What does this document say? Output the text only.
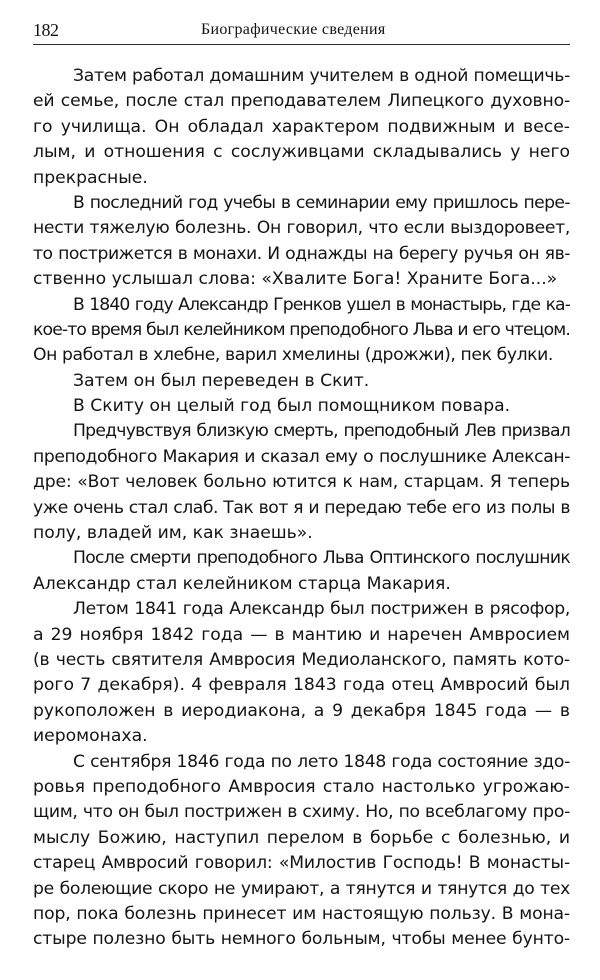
182	Биографические сведения
Затем работал домашним учителем в одной помещичь-
ей семье, после стал преподавателем Липецкого духовно-
го училища. Он обладал характером подвижным и весе-
лым, и отношения с сослуживцами складывались у него
прекрасные.
В последний год учебы в семинарии ему пришлось пере-
нести тяжелую болезнь. Он говорил, что если выздоровеет,
то пострижется в монахи. И однажды на берегу ручья он яв-
ственно услышал слова: «Хвалите Бога! Храните Бога...»
В 1840 году Александр Гренков ушел в монастырь, где ка-
кое-то время был келейником преподобного Льва и его чтецом.
Он работал в хлебне, варил хмелины (дрожжи), пек булки.
Затем он был переведен в Скит.
В Скиту он целый год был помощником повара.
Предчувствуя близкую смерть, преподобный Лев призвал
преподобного Макария и сказал ему о послушнике Алексан-
дре: «Вот человек больно ютится к нам, старцам. Я теперь
уже очень стал слаб. Так вот я и передаю тебе его из полы в
полу, владей им, как знаешь».
После смерти преподобного Льва Оптинского послушник
Александр стал келейником старца Макария.
Летом 1841 года Александр был пострижен в рясофор,
а 29 ноября 1842 года — в мантию и наречен Амвросием
(в честь святителя Амвросия Медиоланского, память кото-
рого 7 декабря). 4 февраля 1843 года отец Амвросий был
рукоположен в иеродиакона, а 9 декабря 1845 года — в
иеромонаха.
С сентября 1846 года по лето 1848 года состояние здо-
ровья преподобного Амвросия стало настолько угрожаю-
щим, что он был пострижен в схиму. Но, по всеблагому про-
мыслу Божию, наступил перелом в борьбе с болезнью, и
старец Амвросий говорил: «Милостив Господь! В монасты-
ре болеющие скоро не умирают, а тянутся и тянутся до тех
пор, пока болезнь принесет им настоящую пользу. В мона-
стыре полезно быть немного больным, чтобы менее бунто-
